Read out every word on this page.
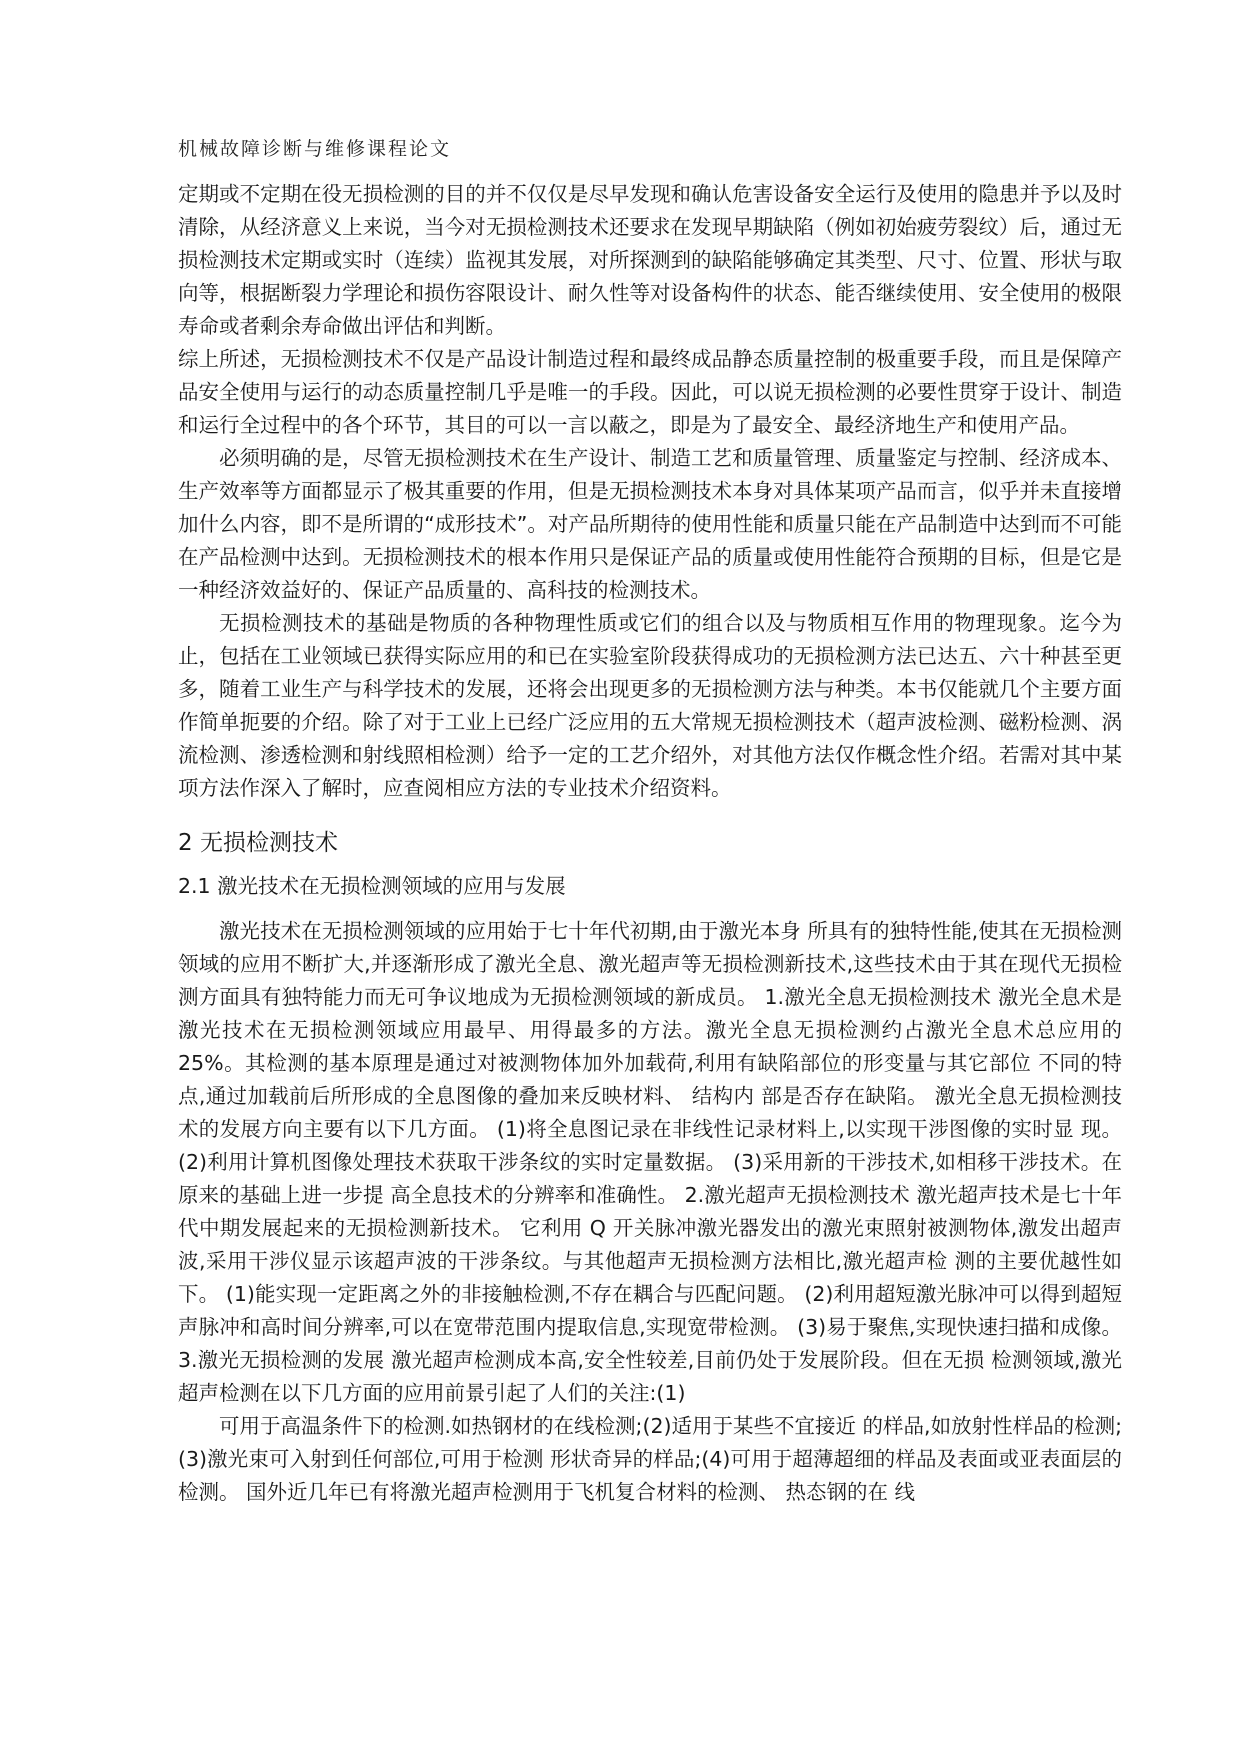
机械故障诊断与维修课程论文

定期或不定期在役无损检测的目的并不仅仅是尽早发现和确认危害设备安全运行及使用的隐患并予以及时清除，从经济意义上来说，当今对无损检测技术还要求在发现早期缺陷（例如初始疲劳裂纹）后，通过无损检测技术定期或实时（连续）监视其发展，对所探测到的缺陷能够确定其类型、尺寸、位置、形状与取向等，根据断裂力学理论和损伤容限设计、耐久性等对设备构件的状态、能否继续使用、安全使用的极限寿命或者剩余寿命做出评估和判断。

综上所述，无损检测技术不仅是产品设计制造过程和最终成品静态质量控制的极重要手段，而且是保障产品安全使用与运行的动态质量控制几乎是唯一的手段。因此，可以说无损检测的必要性贯穿于设计、制造和运行全过程中的各个环节，其目的可以一言以蔽之，即是为了最安全、最经济地生产和使用产品。

必须明确的是，尽管无损检测技术在生产设计、制造工艺和质量管理、质量鉴定与控制、经济成本、生产效率等方面都显示了极其重要的作用，但是无损检测技术本身对具体某项产品而言，似乎并未直接增加什么内容，即不是所谓的“成形技术”。对产品所期待的使用性能和质量只能在产品制造中达到而不可能在产品检测中达到。无损检测技术的根本作用只是保证产品的质量或使用性能符合预期的目标，但是它是一种经济效益好的、保证产品质量的、高科技的检测技术。

无损检测技术的基础是物质的各种物理性质或它们的组合以及与物质相互作用的物理现象。迄今为止，包括在工业领域已获得实际应用的和已在实验室阶段获得成功的无损检测方法已达五、六十种甚至更多，随着工业生产与科学技术的发展，还将会出现更多的无损检测方法与种类。本书仅能就几个主要方面作简单扼要的介绍。除了对于工业上已经广泛应用的五大常规无损检测技术（超声波检测、磁粉检测、涡流检测、渗透检测和射线照相检测）给予一定的工艺介绍外，对其他方法仅作概念性介绍。若需对其中某项方法作深入了解时，应查阅相应方法的专业技术介绍资料。

2 无损检测技术
2.1 激光技术在无损检测领域的应用与发展

激光技术在无损检测领域的应用始于七十年代初期,由于激光本身 所具有的独特性能,使其在无损检测领域的应用不断扩大,并逐渐形成了激光全息、激光超声等无损检测新技术,这些技术由于其在现代无损检测方面具有独特能力而无可争议地成为无损检测领域的新成员。 1.激光全息无损检测技术 激光全息术是激光技术在无损检测领域应用最早、用得最多的方法。激光全息无损检测约占激光全息术总应用的25%。其检测的基本原理是通过对被测物体加外加载荷,利用有缺陷部位的形变量与其它部位 不同的特点,通过加载前后所形成的全息图像的叠加来反映材料、 结构内 部是否存在缺陷。 激光全息无损检测技术的发展方向主要有以下几方面。 (1)将全息图记录在非线性记录材料上,以实现干涉图像的实时显 现。 (2)利用计算机图像处理技术获取干涉条纹的实时定量数据。 (3)采用新的干涉技术,如相移干涉技术。在原来的基础上进一步提 高全息技术的分辨率和准确性。 2.激光超声无损检测技术 激光超声技术是七十年代中期发展起来的无损检测新技术。 它利用 Q 开关脉冲激光器发出的激光束照射被测物体,激发出超声波,采用干涉仪显示该超声波的干涉条纹。与其他超声无损检测方法相比,激光超声检 测的主要优越性如下。 (1)能实现一定距离之外的非接触检测,不存在耦合与匹配问题。 (2)利用超短激光脉冲可以得到超短声脉冲和高时间分辨率,可以在宽带范围内提取信息,实现宽带检测。 (3)易于聚焦,实现快速扫描和成像。 3.激光无损检测的发展 激光超声检测成本高,安全性较差,目前仍处于发展阶段。但在无损 检测领域,激光超声检测在以下几方面的应用前景引起了人们的关注:(1)

可用于高温条件下的检测.如热钢材的在线检测;(2)适用于某些不宜接近 的样品,如放射性样品的检测;(3)激光束可入射到任何部位,可用于检测 形状奇异的样品;(4)可用于超薄超细的样品及表面或亚表面层的检测。 国外近几年已有将激光超声检测用于飞机复合材料的检测、 热态钢的在 线
